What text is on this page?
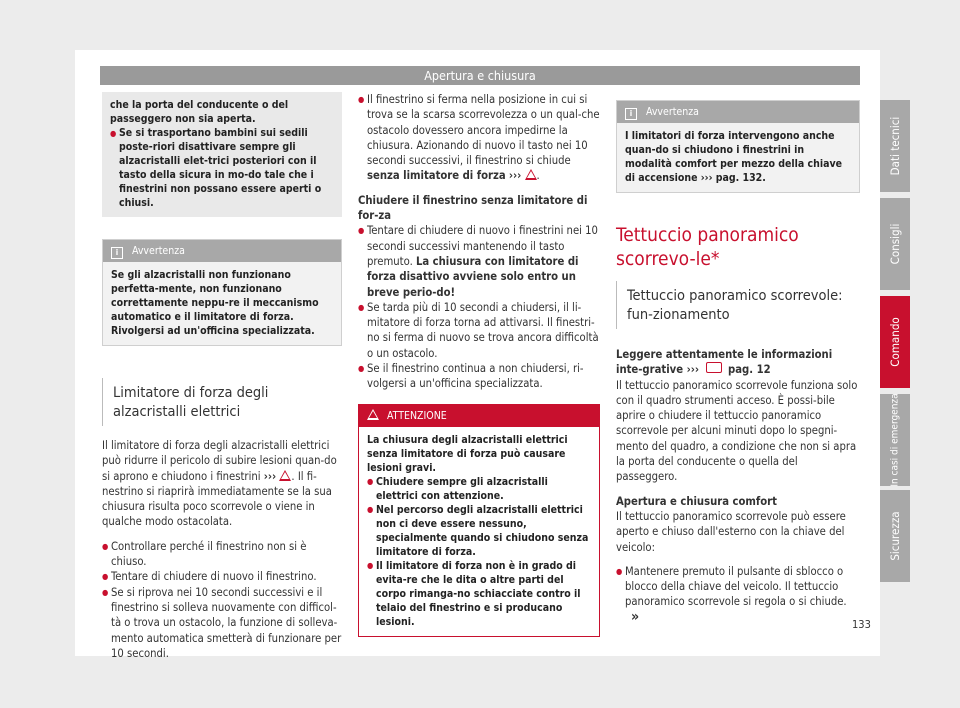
Apertura e chiusura

che la porta del conducente o del passeggero non sia aperta.

● Se si trasportano bambini sui sedili poste-riori disattivare sempre gli alzacristalli elet-trici posteriori con il tasto della sicura in mo-do tale che i finestrini non possano essere aperti o chiusi.
i Avvertenza
Se gli alzacristalli non funzionano perfetta-mente, non funzionano correttamente neppu-re il meccanismo automatico e il limitatore di forza. Rivolgersi ad un'officina specializzata.
Limitatore di forza degli alzacristalli elettrici

Il limitatore di forza degli alzacristalli elettrici può ridurre il pericolo di subire lesioni quan-do si aprono e chiudono i finestrini ››› . Il fi-nestrino si riaprirà immediatamente se la sua chiusura risulta poco scorrevole o viene in qualche modo ostacolata.

● Controllare perché il finestrino non si è chiuso.
● Tentare di chiudere di nuovo il finestrino.
● Se si riprova nei 10 secondi successivi e il finestrino si solleva nuovamente con difficol-tà o trova un ostacolo, la funzione di solleva-mento automatica smetterà di funzionare per 10 secondi.
● Il finestrino si ferma nella posizione in cui si trova se la scarsa scorrevolezza o un qual-che ostacolo dovessero ancora impedirne la chiusura. Azionando di nuovo il tasto nei 10 secondi successivi, il finestrino si chiude senza limitatore di forza ››› .

Chiudere il finestrino senza limitatore di for-za

● Tentare di chiudere di nuovo i finestrini nei 10 secondi successivi mantenendo il tasto premuto. La chiusura con limitatore di forza disattivo avviene solo entro un breve perio-do!
● Se tarda più di 10 secondi a chiudersi, il li-mitatore di forza torna ad attivarsi. Il finestri-no si ferma di nuovo se trova ancora difficoltà o un ostacolo.
● Se il finestrino continua a non chiudersi, ri-volgersi a un'officina specializzata.
ATTENZIONE

La chiusura degli alzacristalli elettrici senza limitatore di forza può causare lesioni gravi.

● Chiudere sempre gli alzacristalli elettrici con attenzione.
● Nel percorso degli alzacristalli elettrici non ci deve essere nessuno, specialmente quando si chiudono senza limitatore di forza.
● Il limitatore di forza non è in grado di evita-re che le dita o altre parti del corpo rimanga-no schiacciate contro il telaio del finestrino e si producano lesioni.
i Avvertenza
I limitatori di forza intervengono anche quan-do si chiudono i finestrini in modalità comfort per mezzo della chiave di accensione ››› pag. 132.
Tettuccio panoramico scorrevo-le*
Tettuccio panoramico scorrevole: fun-zionamento

Leggere attentamente le informazioni inte-grative ›››	pag. 12

Il tettuccio panoramico scorrevole funziona solo con il quadro strumenti acceso. È possi-bile aprire o chiudere il tettuccio panoramico scorrevole per alcuni minuti dopo lo spegni-mento del quadro, a condizione che non si apra la porta del conducente o quella del passeggero.

Apertura e chiusura comfort

Il tettuccio panoramico scorrevole può essere aperto e chiuso dall'esterno con la chiave del veicolo:

● Mantenere premuto il pulsante di sblocco o blocco della chiave del veicolo. Il tettuccio panoramico scorrevole si regola o si chiude. »
Dati tecnici
Consigli
Comando
In casi di emergenza
Sicurezza
133
